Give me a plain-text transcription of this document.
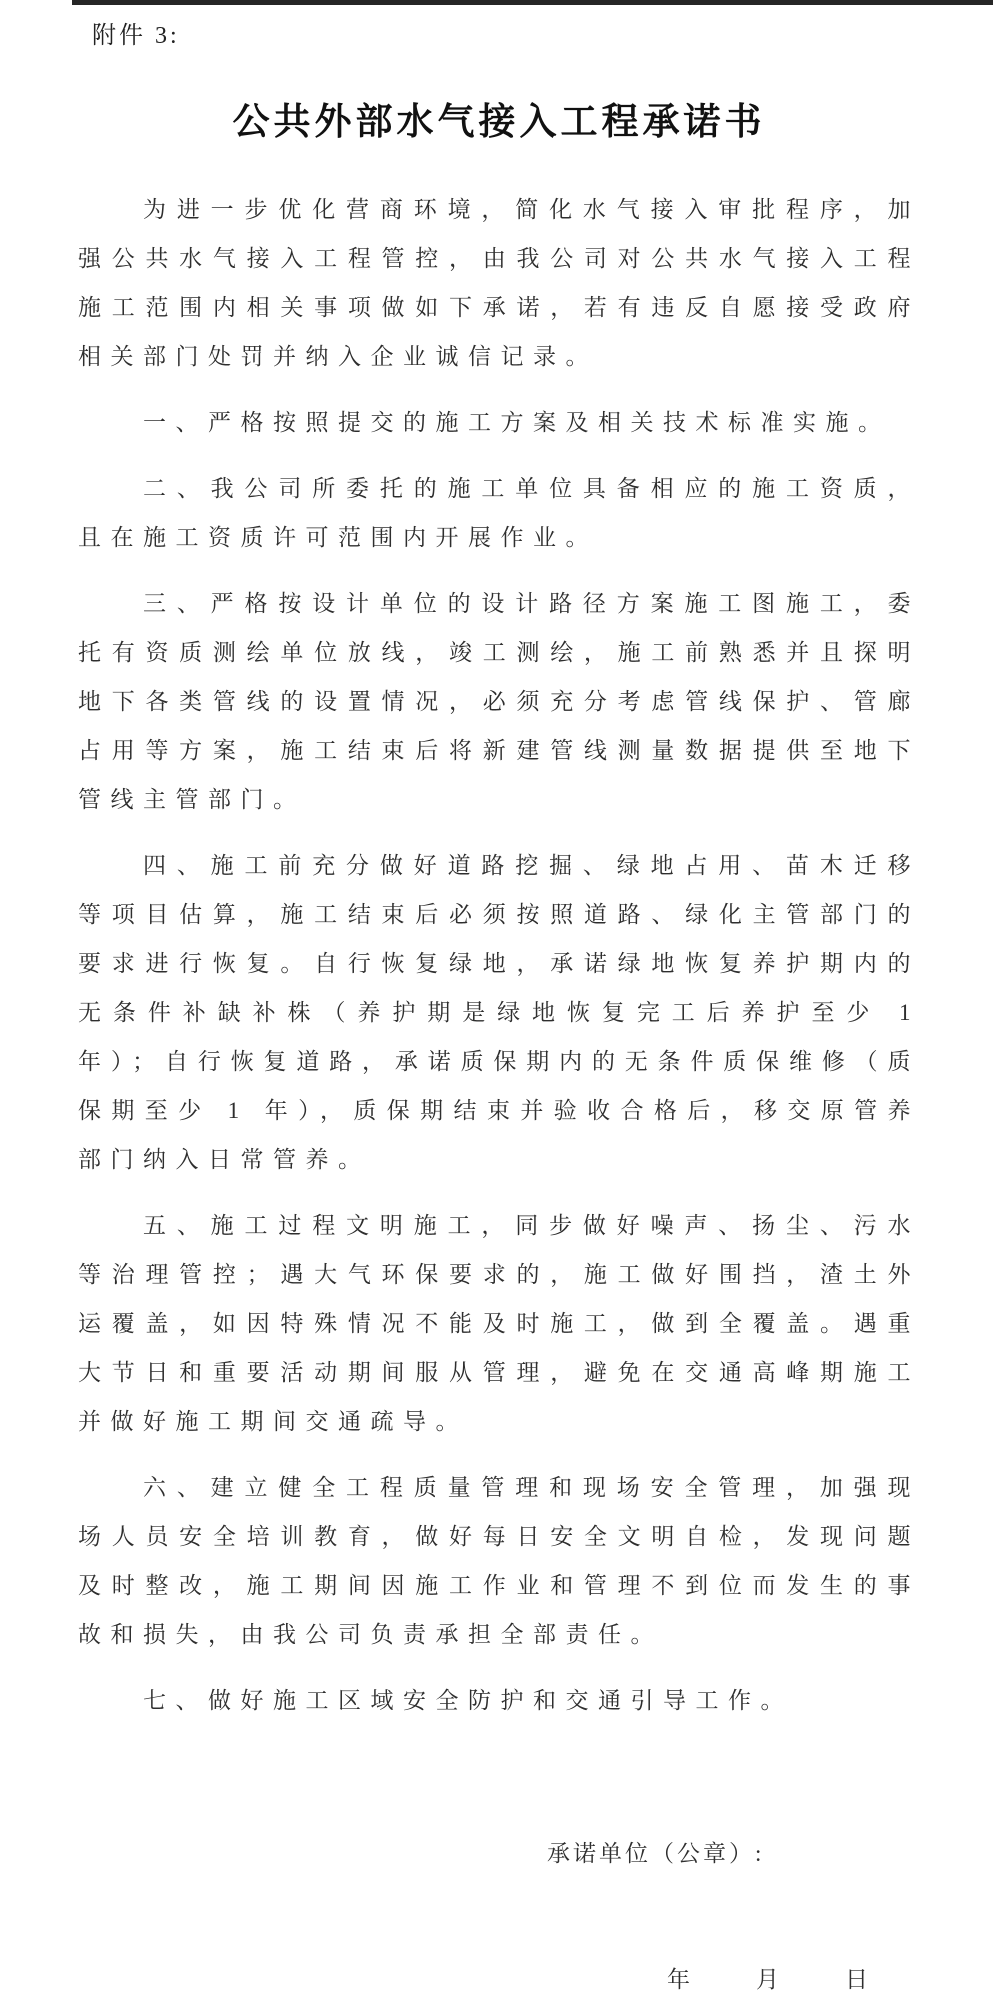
附件 3:
公共外部水气接入工程承诺书

为进一步优化营商环境，简化水气接入审批程序，加强公共水气接入工程管控，由我公司对公共水气接入工程施工范围内相关事项做如下承诺，若有违反自愿接受政府相关部门处罚并纳入企业诚信记录。

一、严格按照提交的施工方案及相关技术标准实施。

二、我公司所委托的施工单位具备相应的施工资质，且在施工资质许可范围内开展作业。

三、严格按设计单位的设计路径方案施工图施工，委托有资质测绘单位放线，竣工测绘，施工前熟悉并且探明地下各类管线的设置情况，必须充分考虑管线保护、管廊占用等方案，施工结束后将新建管线测量数据提供至地下管线主管部门。

四、施工前充分做好道路挖掘、绿地占用、苗木迁移等项目估算，施工结束后必须按照道路、绿化主管部门的要求进行恢复。自行恢复绿地，承诺绿地恢复养护期内的无条件补缺补株（养护期是绿地恢复完工后养护至少 1 年）；自行恢复道路，承诺质保期内的无条件质保维修（质保期至少 1 年），质保期结束并验收合格后，移交原管养部门纳入日常管养。

五、施工过程文明施工，同步做好噪声、扬尘、污水等治理管控；遇大气环保要求的，施工做好围挡，渣土外运覆盖，如因特殊情况不能及时施工，做到全覆盖。遇重大节日和重要活动期间服从管理，避免在交通高峰期施工并做好施工期间交通疏导。

六、建立健全工程质量管理和现场安全管理，加强现场人员安全培训教育，做好每日安全文明自检，发现问题及时整改，施工期间因施工作业和管理不到位而发生的事故和损失，由我公司负责承担全部责任。

七、做好施工区域安全防护和交通引导工作。

承诺单位（公章）:
年	月	日
